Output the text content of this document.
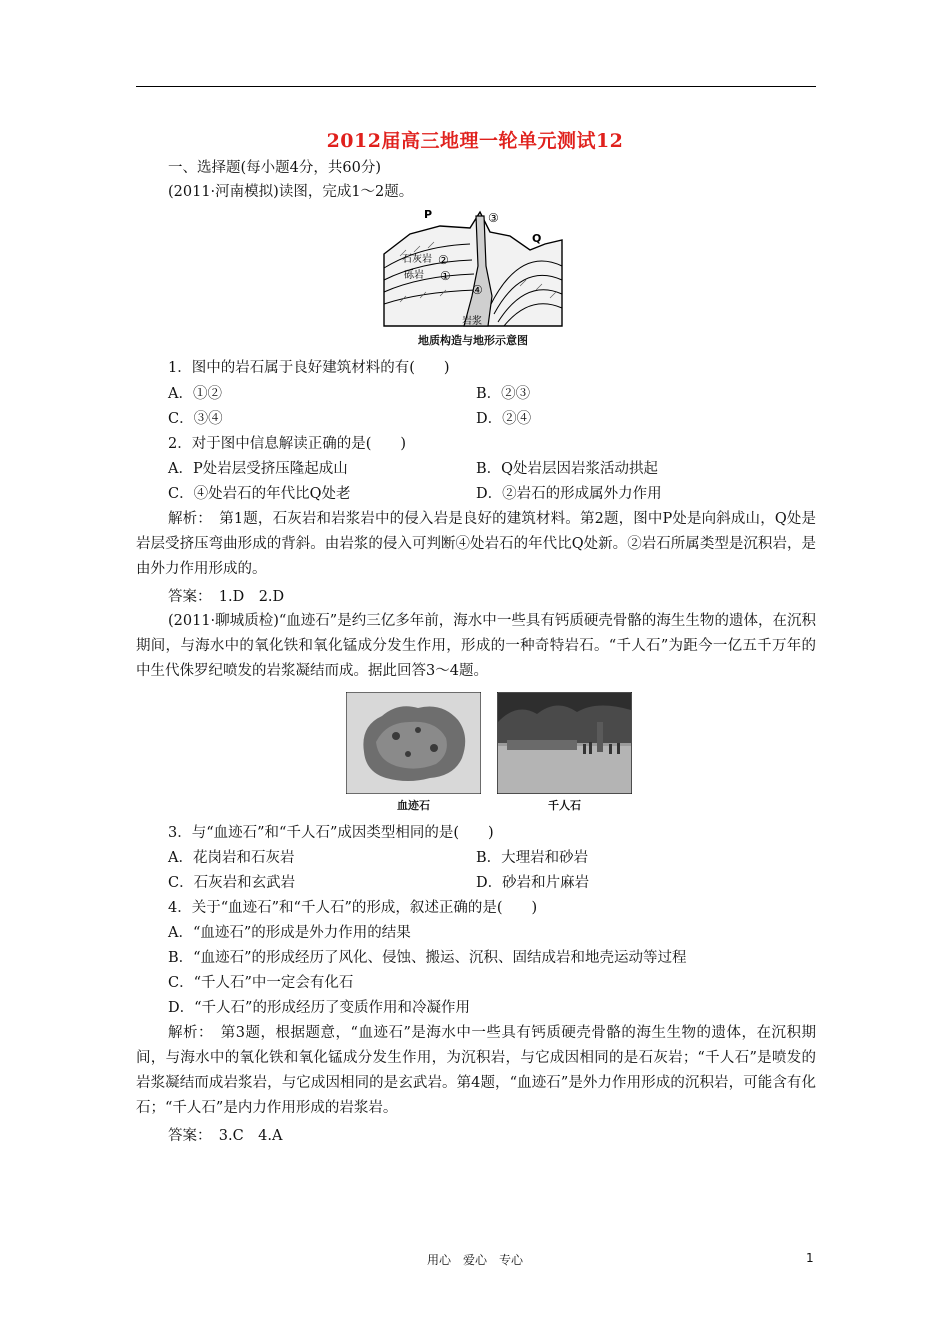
2012届高三地理一轮单元测试12
一、选择题(每小题4分，共60分)
(2011·河南模拟)读图，完成1～2题。
P	③
Q
石灰岩 ②
砾岩 ①
④
岩浆
地质构造与地形示意图
1．图中的岩石属于良好建筑材料的有(　　)
A．①②	B．②③
C．③④	D．②④
2．对于图中信息解读正确的是(　　)
A．P处岩层受挤压隆起成山	B．Q处岩层因岩浆活动拱起
C．④处岩石的年代比Q处老	D．②岩石的形成属外力作用
解析：　第1题，石灰岩和岩浆岩中的侵入岩是良好的建筑材料。第2题，图中P处是向斜成山，Q处是岩层受挤压弯曲形成的背斜。由岩浆的侵入可判断④处岩石的年代比Q处新。②岩石所属类型是沉积岩，是由外力作用形成的。
答案：　1.D　2.D
(2011·聊城质检)“血迹石”是约三亿多年前，海水中一些具有钙质硬壳骨骼的海生生物的遗体，在沉积期间，与海水中的氧化铁和氧化锰成分发生作用，形成的一种奇特岩石。“千人石”为距今一亿五千万年的中生代侏罗纪喷发的岩浆凝结而成。据此回答3～4题。
血迹石	千人石
3．与“血迹石”和“千人石”成因类型相同的是(　　)
A．花岗岩和石灰岩	B．大理岩和砂岩
C．石灰岩和玄武岩	D．砂岩和片麻岩
4．关于“血迹石”和“千人石”的形成，叙述正确的是(　　)
A．“血迹石”的形成是外力作用的结果
B．“血迹石”的形成经历了风化、侵蚀、搬运、沉积、固结成岩和地壳运动等过程
C．“千人石”中一定会有化石
D．“千人石”的形成经历了变质作用和冷凝作用
解析：　第3题，根据题意，“血迹石”是海水中一些具有钙质硬壳骨骼的海生生物的遗体，在沉积期间，与海水中的氧化铁和氧化锰成分发生作用，为沉积岩，与它成因相同的是石灰岩；“千人石”是喷发的岩浆凝结而成岩浆岩，与它成因相同的是玄武岩。第4题，“血迹石”是外力作用形成的沉积岩，可能含有化石；“千人石”是内力作用形成的岩浆岩。
答案：　3.C　4.A
用心　爱心　专心	1
